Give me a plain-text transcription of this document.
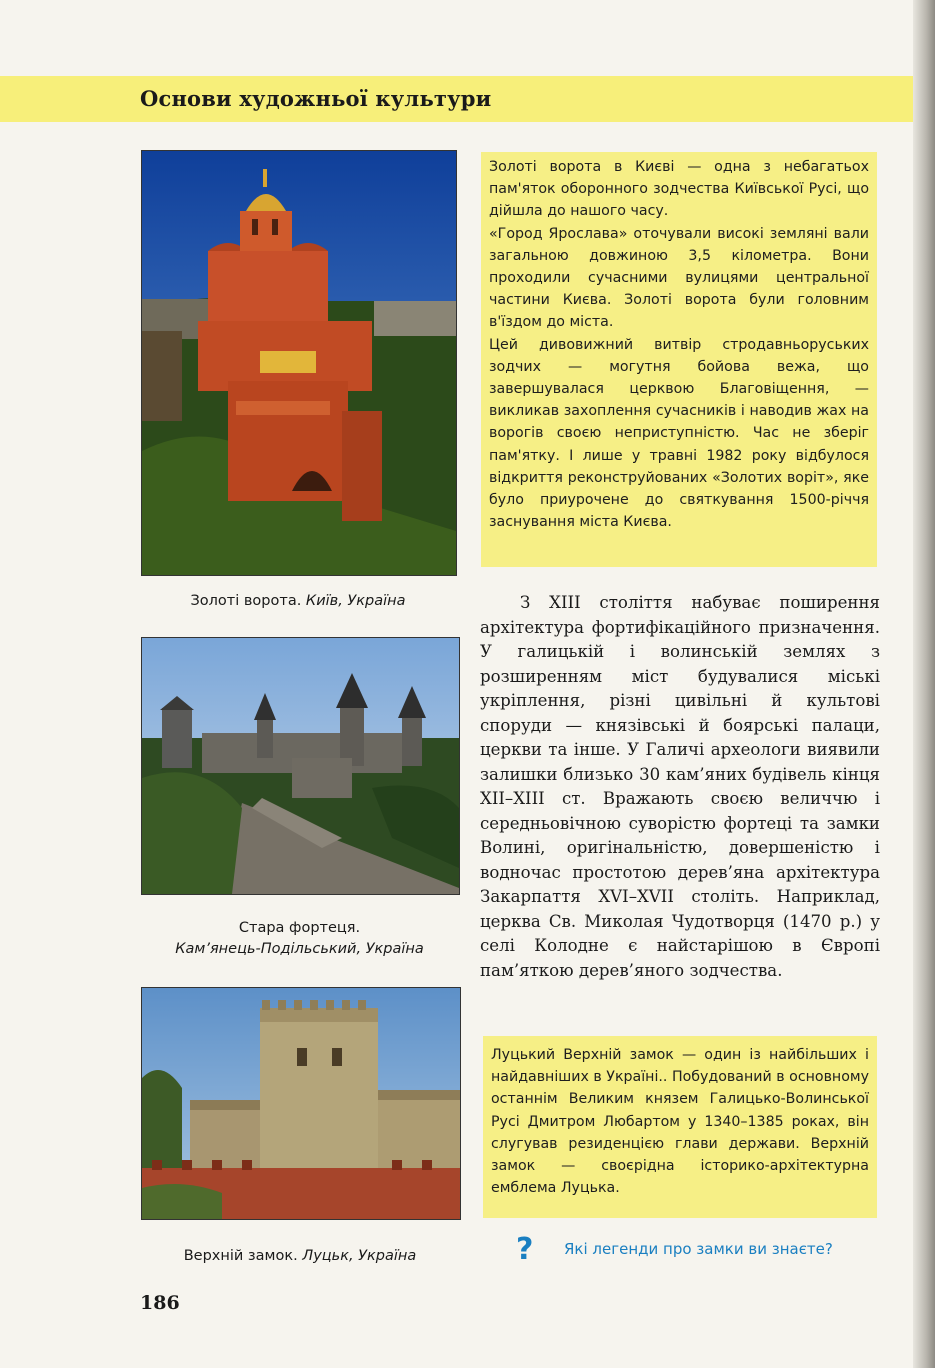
Основи художньої культури
Золоті ворота. Київ, Україна
Стара фортеця.
Кам’янець-Подільський, Україна
Верхній замок. Луцьк, Україна

Золоті ворота в Києві — одна з небагатьох пам'яток оборонного зодчества Київської Русі, що дійшла до нашого часу.

«Город Ярослава» оточували високі земляні вали загальною довжиною 3,5 кілометра. Вони проходили сучасними вулицями центральної частини Києва. Золоті ворота були головним в'їздом до міста.

Цей дивовижний витвір стродавньоруських зодчих — могутня бойова вежа, що завершувалася церквою Благовіщення, — викликав захоплення сучасників і наводив жах на ворогів своєю неприступністю. Час не зберіг пам'ятку. І лише у травні 1982 року відбулося відкриття реконструйованих «Золотих воріт», яке було приурочене до святкування 1500-річчя заснування міста Києва.

З XIII століття набуває поширення архітектура фортифікаційного призначення. У галицькій і волинській землях з розширенням міст будувалися міські укріплення, різні цивільні й культові споруди — князівські й боярські палаци, церкви та інше. У Галичі археологи виявили залишки близько 30 кам’яних будівель кінця XII–XIII ст. Вражають своєю величчю і середньовічною суворістю фортеці та замки Волині, оригінальністю, довершеністю і водночас простотою дерев’яна архітектура Закарпаття XVI–XVII століть. Наприклад, церква Св. Миколая Чудотворця (1470 р.) у селі Колодне є найстарішою в Європі пам’яткою дерев’яного зодчества.

Луцький Верхній замок — один із найбільших і найдавніших в Україні.. Побудований в основному останнім Великим князем Галицько-Волинської Русі Дмитром Любартом у 1340–1385 роках, він слугував резиденцією глави держави. Верхній замок — своєрідна історико-архітектурна емблема Луцька.

? Які легенди про замки ви знаєте?
186
